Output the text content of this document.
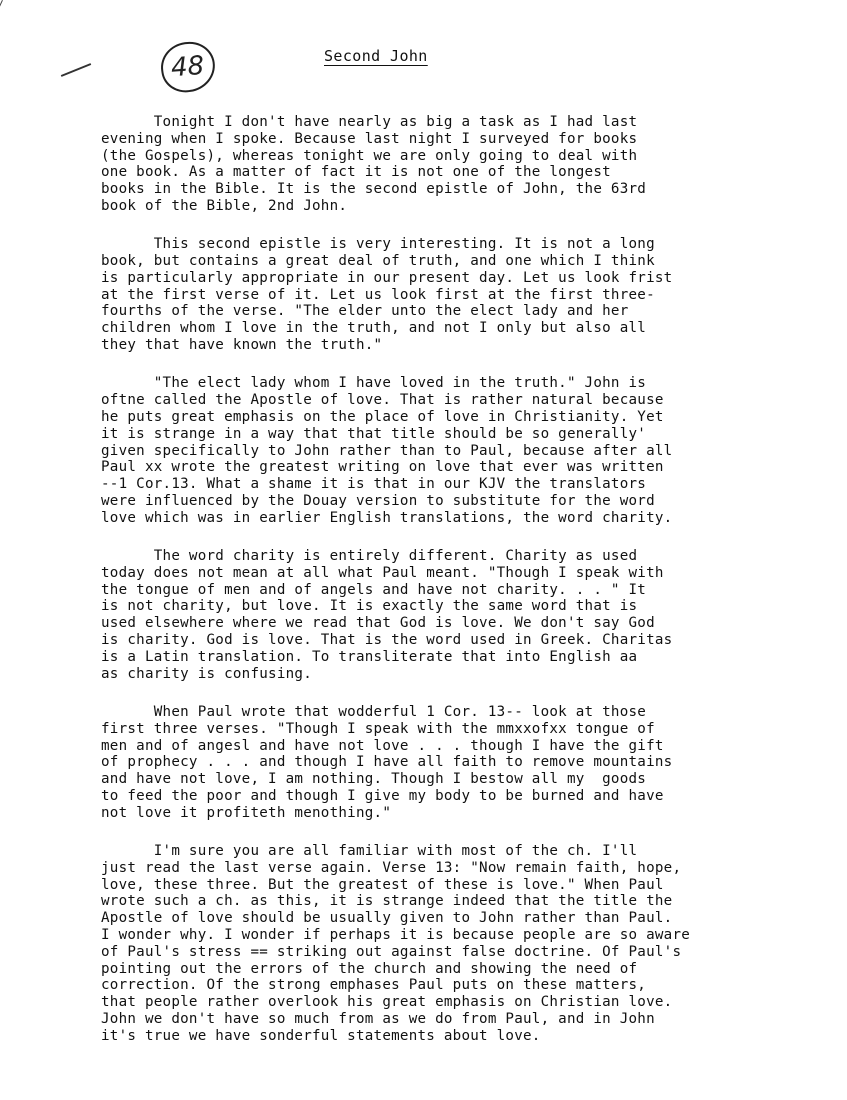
48	Second John
Tonight I don't have nearly as big a task as I had last
evening when I spoke. Because last night I surveyed for books
(the Gospels), whereas tonight we are only going to deal with
one book. As a matter of fact it is not one of the longest
books in the Bible. It is the second epistle of John, the 63rd
book of the Bible, 2nd John.
This second epistle is very interesting. It is not a long
book, but contains a great deal of truth, and one which I think
is particularly appropriate in our present day. Let us look frist
at the first verse of it. Let us look first at the first three-
fourths of the verse. "The elder unto the elect lady and her
children whom I love in the truth, and not I only but also all
they that have known the truth."
"The elect lady whom I have loved in the truth." John is
oftne called the Apostle of love. That is rather natural because
he puts great emphasis on the place of love in Christianity. Yet
it is strange in a way that that title should be so generally'
given specifically to John rather than to Paul, because after all
Paul xx wrote the greatest writing on love that ever was written
--1 Cor.13. What a shame it is that in our KJV the translators
were influenced by the Douay version to substitute for the word
love which was in earlier English translations, the word charity.
The word charity is entirely different. Charity as used
today does not mean at all what Paul meant. "Though I speak with
the tongue of men and of angels and have not charity. . . " It
is not charity, but love. It is exactly the same word that is
used elsewhere where we read that God is love. We don't say God
is charity. God is love. That is the word used in Greek. Charitas
is a Latin translation. To transliterate that into English aa
as charity is confusing.
When Paul wrote that wodderful 1 Cor. 13-- look at those
first three verses. "Though I speak with the mmxxofxx tongue of
men and of angesl and have not love . . . though I have the gift
of prophecy . . . and though I have all faith to remove mountains
and have not love, I am nothing. Though I bestow all my  goods
to feed the poor and though I give my body to be burned and have
not love it profiteth menothing."
I'm sure you are all familiar with most of the ch. I'll
just read the last verse again. Verse 13: "Now remain faith, hope,
love, these three. But the greatest of these is love." When Paul
wrote such a ch. as this, it is strange indeed that the title the
Apostle of love should be usually given to John rather than Paul.
I wonder why. I wonder if perhaps it is because people are so aware
of Paul's stress == striking out against false doctrine. Of Paul's
pointing out the errors of the church and showing the need of
correction. Of the strong emphases Paul puts on these matters,
that people rather overlook his great emphasis on Christian love.
John we don't have so much from as we do from Paul, and in John
it's true we have sonderful statements about love.
